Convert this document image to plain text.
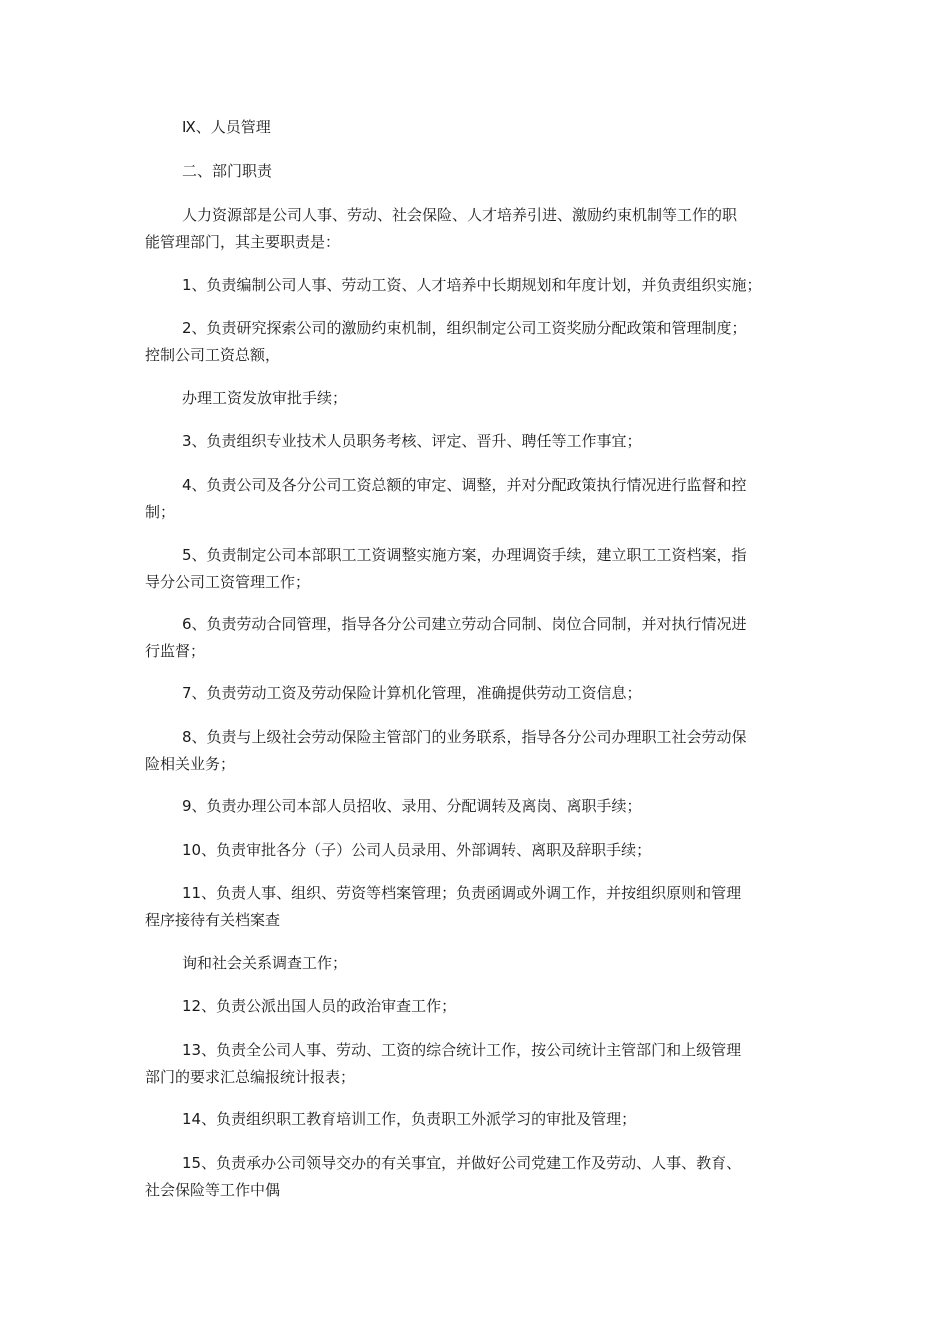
Ⅸ、人员管理

二、部门职责

人力资源部是公司人事、劳动、社会保险、人才培养引进、激励约束机制等工作的职
能管理部门，其主要职责是：

1、负责编制公司人事、劳动工资、人才培养中长期规划和年度计划，并负责组织实施；

2、负责研究探索公司的激励约束机制，组织制定公司工资奖励分配政策和管理制度；
控制公司工资总额，

办理工资发放审批手续；

3、负责组织专业技术人员职务考核、评定、晋升、聘任等工作事宜；

4、负责公司及各分公司工资总额的审定、调整，并对分配政策执行情况进行监督和控
制；

5、负责制定公司本部职工工资调整实施方案，办理调资手续，建立职工工资档案，指
导分公司工资管理工作；

6、负责劳动合同管理，指导各分公司建立劳动合同制、岗位合同制，并对执行情况进
行监督；

7、负责劳动工资及劳动保险计算机化管理，准确提供劳动工资信息；

8、负责与上级社会劳动保险主管部门的业务联系，指导各分公司办理职工社会劳动保
险相关业务；

9、负责办理公司本部人员招收、录用、分配调转及离岗、离职手续；

10、负责审批各分（子）公司人员录用、外部调转、离职及辞职手续；

11、负责人事、组织、劳资等档案管理；负责函调或外调工作，并按组织原则和管理
程序接待有关档案查

询和社会关系调查工作；

12、负责公派出国人员的政治审查工作；

13、负责全公司人事、劳动、工资的综合统计工作，按公司统计主管部门和上级管理
部门的要求汇总编报统计报表；

14、负责组织职工教育培训工作，负责职工外派学习的审批及管理；

15、负责承办公司领导交办的有关事宜，并做好公司党建工作及劳动、人事、教育、
社会保险等工作中偶
